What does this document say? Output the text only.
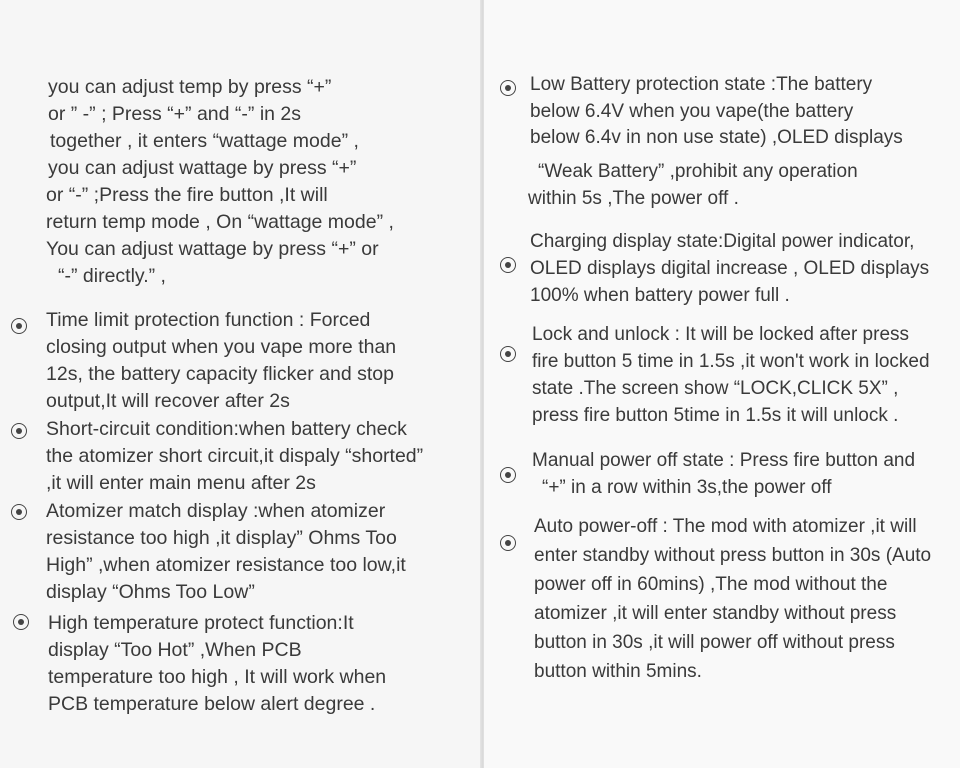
you can adjust temp by press “+”
or ” -” ; Press “+” and “-” in 2s
together , it enters “wattage mode” ,
you can adjust wattage by press “+”
or “-” ;Press the fire button ,It will
return temp mode , On “wattage mode” ,
You can adjust wattage by press “+” or
“-” directly.” ,
Time limit protection function : Forced
closing output when you vape more than
12s, the battery capacity flicker and stop
output,It will recover after 2s
Short-circuit condition:when battery check
the atomizer short circuit,it dispaly “shorted”
,it will enter main menu after 2s
Atomizer match display :when atomizer
resistance too high ,it display” Ohms Too
High” ,when atomizer resistance too low,it
display “Ohms Too Low”
High temperature protect function:It
display “Too Hot” ,When PCB
temperature too high , It will work when
PCB temperature below alert degree .
Low Battery protection state :The battery
below 6.4V when you vape(the battery
below 6.4v in non use state) ,OLED displays
“Weak Battery” ,prohibit any operation
within 5s ,The power off .
Charging display state:Digital power indicator,
OLED displays digital increase , OLED displays
100% when battery power full .
Lock and unlock : It will be locked after press
fire button 5 time in 1.5s ,it won't work in locked
state .The screen show “LOCK,CLICK 5X” ,
press fire button 5time in 1.5s it will unlock .
Manual power off state : Press fire button and
“+” in a row within 3s,the power off
Auto power-off : The mod with atomizer ,it will
enter standby without press button in 30s (Auto
power off in 60mins) ,The mod without the
atomizer ,it will enter standby without press
button in 30s ,it will power off without press
button within 5mins.
